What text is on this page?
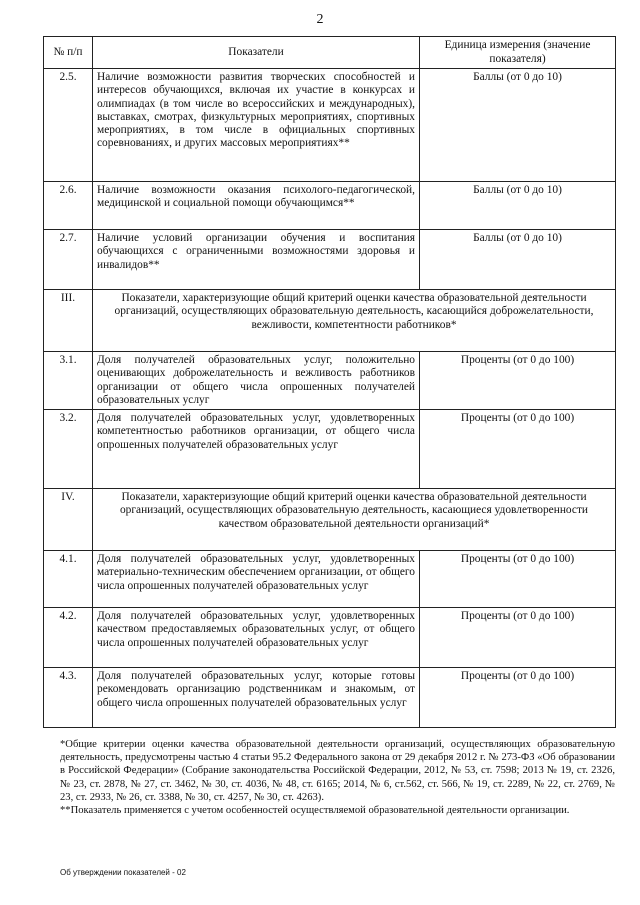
2
№ п/п	Показатели	Единица измерения (значение показателя)
2.5.	Наличие возможности развития творческих способностей и интересов обучающихся, включая их участие в конкурсах и олимпиадах (в том числе во всероссийских и международных), выставках, смотрах, физкультурных мероприятиях, спортивных мероприятиях, в том числе в официальных спортивных соревнованиях, и других массовых мероприятиях**	Баллы (от 0 до 10)
2.6.	Наличие возможности оказания психолого-педагогической, медицинской и социальной помощи обучающимся**	Баллы (от 0 до 10)
2.7.	Наличие условий организации обучения и воспитания обучающихся с ограниченными возможностями здоровья и инвалидов**	Баллы (от 0 до 10)
III.	Показатели, характеризующие общий критерий оценки качества образовательной деятельности организаций, осуществляющих образовательную деятельность, касающийся доброжелательности, вежливости, компетентности работников*	
3.1.	Доля получателей образовательных услуг, положительно оценивающих доброжелательность и вежливость работников организации от общего числа опрошенных получателей образовательных услуг	Проценты (от 0 до 100)
3.2.	Доля получателей образовательных услуг, удовлетворенных компетентностью работников организации, от общего числа опрошенных получателей образовательных услуг	Проценты (от 0 до 100)
IV.	Показатели, характеризующие общий критерий оценки качества образовательной деятельности организаций, осуществляющих образовательную деятельность, касающиеся удовлетворенности качеством образовательной деятельности организаций*	
4.1.	Доля получателей образовательных услуг, удовлетворенных материально-техническим обеспечением организации, от общего числа опрошенных получателей образовательных услуг	Проценты (от 0 до 100)
4.2.	Доля получателей образовательных услуг, удовлетворенных качеством предоставляемых образовательных услуг, от общего числа опрошенных получателей образовательных услуг	Проценты (от 0 до 100)
4.3.	Доля получателей образовательных услуг, которые готовы рекомендовать организацию родственникам и знакомым, от общего числа опрошенных получателей образовательных услуг	Проценты (от 0 до 100)

*Общие критерии оценки качества образовательной деятельности организаций, осуществляющих образовательную деятельность, предусмотрены частью 4 статьи 95.2 Федерального закона от 29 декабря 2012 г. № 273-ФЗ «Об образовании в Российской Федерации» (Собрание законодательства Российской Федерации, 2012, № 53, ст. 7598; 2013 № 19, ст. 2326, № 23, ст. 2878, № 27, ст. 3462, № 30, ст. 4036, № 48, ст. 6165; 2014, № 6, ст.562, ст. 566, № 19, ст. 2289, № 22, ст. 2769, № 23, ст. 2933, № 26, ст. 3388, № 30, ст. 4257, № 30, ст. 4263).

**Показатель применяется с учетом особенностей осуществляемой образовательной деятельности организации.

Об утверждении показателей - 02
